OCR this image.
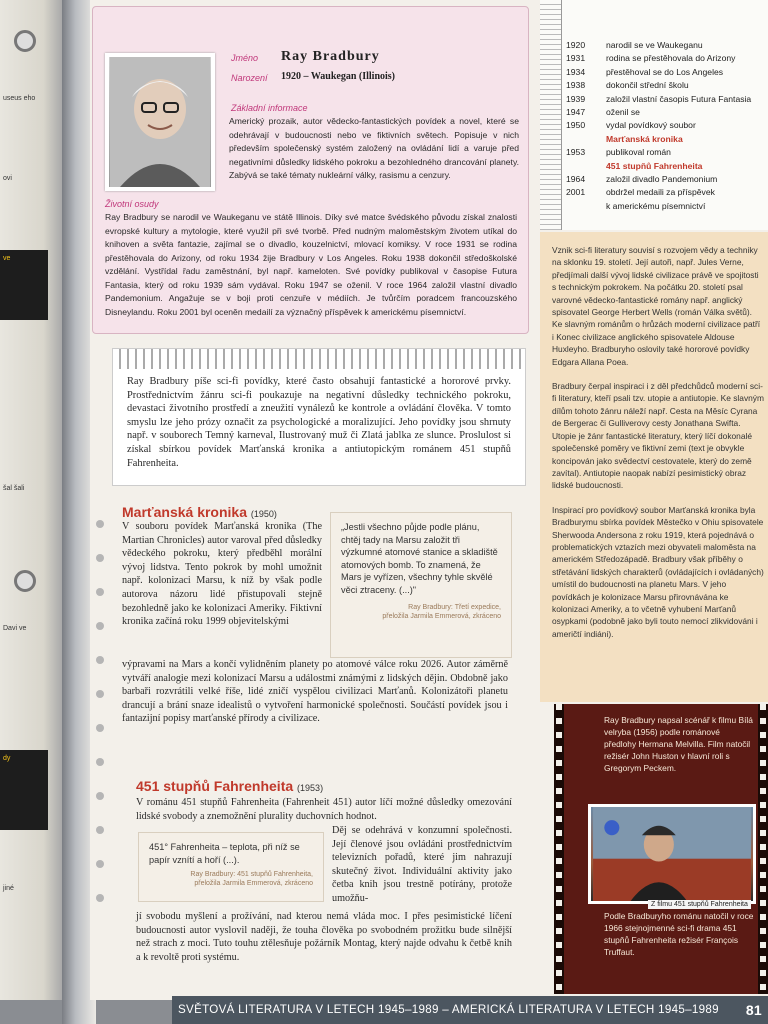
useus eho
ovi
ve
šal šali
Davi ve
dy
jiné
Jméno
Narození
Ray Bradbury
1920 – Waukegan (Illinois)
Základní informace
Americký prozaik, autor vědecko-fantastických povídek a novel, které se odehrávají v budoucnosti nebo ve fiktivních světech. Popisuje v nich především společenský systém založený na ovládání lidí a varuje před negativními důsledky lidského pokroku a bezohledného drancování planety. Zabývá se také tématy nukleární války, rasismu a cenzury.
Životní osudy
Ray Bradbury se narodil ve Waukeganu ve státě Illinois. Díky své matce švédského původu získal znalosti evropské kultury a mytologie, které využil při své tvorbě. Před nudným maloměstským životem utíkal do knihoven a světa fantazie, zajímal se o divadlo, kouzelnictví, mlovací komiksy. V roce 1931 se rodina přestěhovala do Arizony, od roku 1934 žije Bradbury v Los Angeles. Roku 1938 dokončil středoškolské vzdělání. Vystřídal řadu zaměstnání, byl např. kameloten. Své povídky publikoval v časopise Futura Fantasia, který od roku 1939 sám vydával. Roku 1947 se oženil. V roce 1964 založil vlastní divadlo Pandemonium. Angažuje se v boji proti cenzuře v médiích. Je tvůrčím poradcem francouzského Disneylandu. Roku 2001 byl oceněn medailí za význačný příspěvek k americkému písemnictví.
1920	narodil se ve Waukeganu
1931	rodina se přestěhovala do Arizony
1934	přestěhoval se do Los Angeles
1938	dokončil střední školu
1939	založil vlastní časopis Futura Fantasia
1947	oženil se
1950	vydal povídkový soubor
Marťanská kronika
1953	publikoval román
451 stupňů Fahrenheita
1964	založil divadlo Pandemonium
2001	obdržel medaili za příspěvek
k americkému písemnictví

Vznik sci-fi literatury souvisí s rozvojem vědy a techniky na sklonku 19. století. Její autoři, např. Jules Verne, předjímali další vývoj lidské civilizace právě ve spojitosti s technickým pokrokem. Na počátku 20. století psal varovné vědecko-fantastické romány např. anglický spisovatel George Herbert Wells (román Válka světů). Ke slavným románům o hrůzách moderní civilizace patří i Konec civilizace anglického spisovatele Aldouse Huxleyho. Bradburyho oslovily také hororové povídky Edgara Allana Poea.

Bradbury čerpal inspiraci i z děl předchůdců moderní sci-fi literatury, kteří psali tzv. utopie a antiutopie. Ke slavným dílům tohoto žánru náleží např. Cesta na Měsíc Cyrana de Bergerac či Gulliverovy cesty Jonathana Swifta. Utopie je žánr fantastické literatury, který líčí dokonalé společenské poměry ve fiktivní zemi (text je obvykle koncipován jako svědectví cestovatele, který do země zavítal). Antiutopie naopak nabízí pesimistický obraz lidské budoucnosti.

Inspirací pro povídkový soubor Marťanská kronika byla Bradburymu sbírka povídek Městečko v Ohiu spisovatele Sherwooda Andersona z roku 1919, která pojednává o problematických vztazích mezi obyvateli maloměsta na americkém Středozápadě. Bradbury však příběhy o střetávání lidských charakterů (ovládajících i ovládaných) umístil do budoucnosti na planetu Mars. V jeho povídkách je kolonizace Marsu přirovnávána ke kolonizaci Ameriky, a to včetně vyhubení Marťanů osypkami (podobně jako byli touto nemocí zlikvidováni i američtí indiáni).

Ray Bradbury napsal scénář k filmu Bílá velryba (1956) podle románové předlohy Hermana Melvilla. Film natočil režisér John Huston v hlavní roli s Gregorym Peckem.
Z filmu 451 stupňů Fahrenheita
Podle Bradburyho románu natočil v roce 1966 stejnojmenné sci-fi drama 451 stupňů Fahrenheita režisér François Truffaut.

Ray Bradbury píše sci-fi povídky, které často obsahují fantastické a hororové prvky. Prostřednictvím žánru sci-fi poukazuje na negativní důsledky technického pokroku, devastaci životního prostředí a zneužití vynálezů ke kontrole a ovládání člověka. V tomto smyslu lze jeho prózy označit za psychologické a moralizující. Jeho povídky jsou shrnuty např. v souborech Temný karneval, Ilustrovaný muž či Zlatá jablka ze slunce. Proslulost si získal sbírkou povídek Marťanská kronika a antiutopickým románem 451 stupňů Fahrenheita.

Marťanská kronika (1950)
V souboru povídek Marťanská kronika (The Martian Chronicles) autor varoval před důsledky vědeckého pokroku, který předběhl morální vývoj lidstva. Tento pokrok by mohl umožnit např. kolonizaci Marsu, k níž by však podle autorova názoru lidé přistupovali stejně bezohledně jako ke kolonizaci Ameriky. Fiktivní kronika začíná roku 1999 objevitelskými

„Jestli všechno půjde podle plánu, chtěj tady na Marsu založit tři výzkumné atomové stanice a skladiště atomových bomb. To znamená, že Mars je vyřízen, všechny tyhle skvělé věci ztraceny. (...)"

Ray Bradbury: Třetí expedice,

přeložila Jarmila Emmerová, zkráceno

výpravami na Mars a končí vylidněním planety po atomové válce roku 2026. Autor záměrně vytváří analogie mezi kolonizací Marsu a událostmi známými z lidských dějin. Obdobně jako barbaři rozvrátili velké říše, lidé zničí vyspělou civilizaci Marťanů. Kolonizátoři planetu drancují a brání snaze idealistů o vytvoření harmonické společnosti. Součástí povídek jsou i fantazijní popisy marťanské přírody a civilizace.
451 stupňů Fahrenheita (1953)
V románu 451 stupňů Fahrenheita (Fahrenheit 451) autor líčí možné důsledky omezování lidské svobody a znemožnění plurality duchovních hodnot.

451° Fahrenheita – teplota, při níž se papír vznítí a hoří (...).

Ray Bradbury: 451 stupňů Fahrenheita,

přeložila Jarmila Emmerová, zkráceno

Děj se odehrává v konzumní společnosti. Její členové jsou ovládáni prostřednictvím televizních pořadů, které jim nahrazují skutečný život. Individuální aktivity jako četba knih jsou trestně potírány, protože umožňu-
jí svobodu myšlení a prožívání, nad kterou nemá vláda moc. I přes pesimistické líčení budoucnosti autor vyslovil naději, že touha člověka po svobodném prožitku bude silnější než strach z moci. Tuto touhu ztělesňuje požárník Montag, který najde odvahu k četbě knih a k revoltě proti systému.
SVĚTOVÁ LITERATURA V LETECH 1945–1989 – AMERICKÁ LITERATURA V LETECH 1945–1989 81
